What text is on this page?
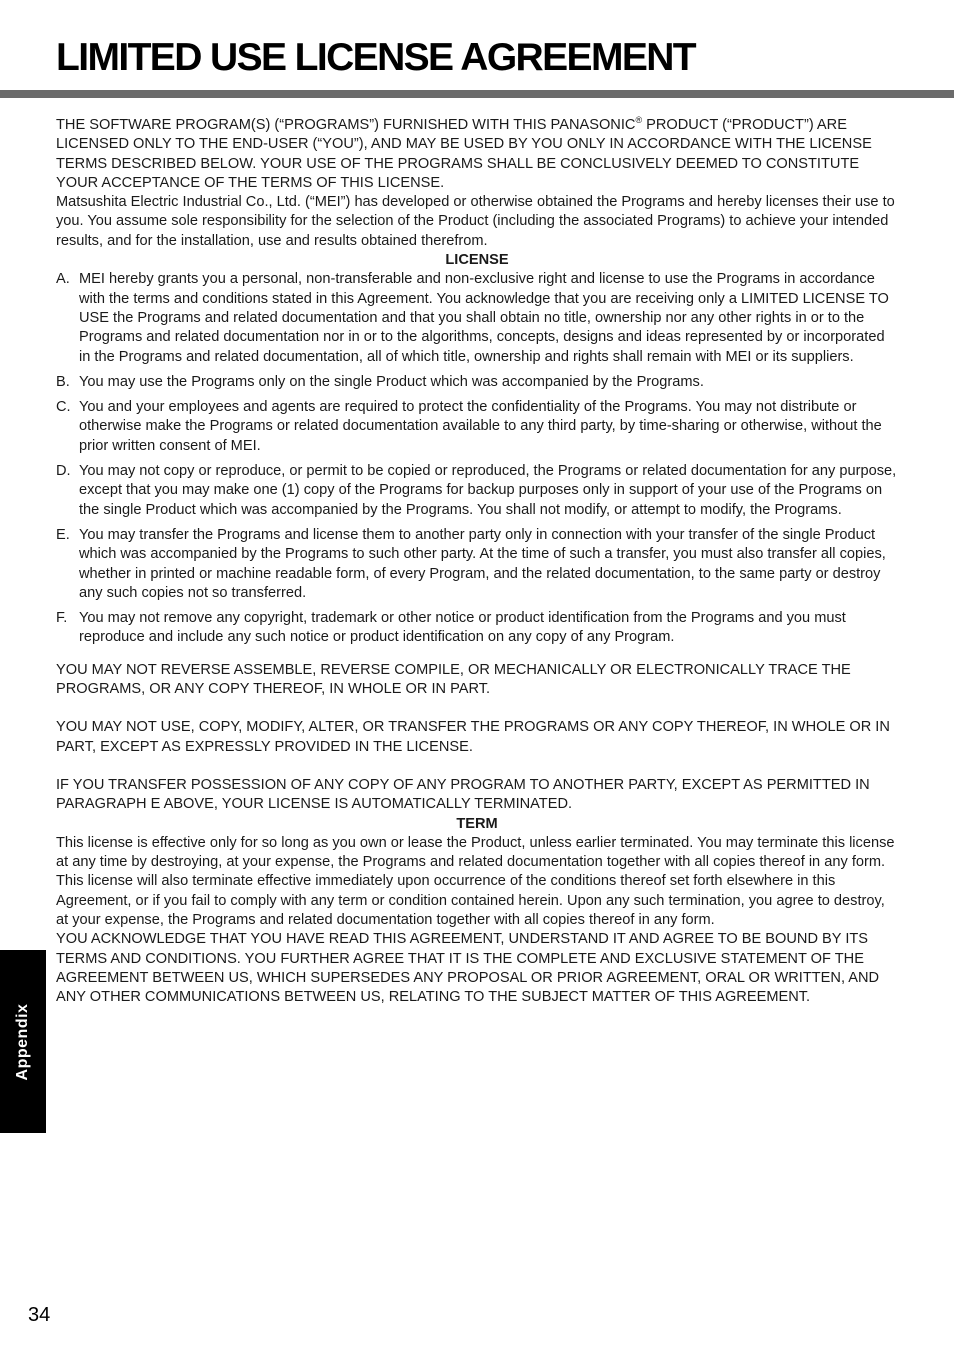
LIMITED USE LICENSE AGREEMENT

THE SOFTWARE PROGRAM(S) (“PROGRAMS”) FURNISHED WITH THIS PANASONIC® PRODUCT (“PRODUCT”) ARE LICENSED ONLY TO THE END-USER (“YOU”), AND MAY BE USED BY YOU ONLY IN ACCORDANCE WITH THE LICENSE TERMS DESCRIBED BELOW. YOUR USE OF THE PROGRAMS SHALL BE CONCLUSIVELY DEEMED TO CONSTITUTE YOUR ACCEPTANCE OF THE TERMS OF THIS LICENSE.

Matsushita Electric Industrial Co., Ltd. (“MEI”) has developed or otherwise obtained the Programs and hereby licenses their use to you. You assume sole responsibility for the selection of the Product (including the associated Programs) to achieve your intended results, and for the installation, use and results obtained therefrom.

LICENSE

A. MEI hereby grants you a personal, non-transferable and non-exclusive right and license to use the Programs in accordance with the terms and conditions stated in this Agreement. You acknowledge that you are receiving only a LIMITED LICENSE TO USE the Programs and related documentation and that you shall obtain no title, ownership nor any other rights in or to the Programs and related documentation nor in or to the algorithms, concepts, designs and ideas represented by or incorporated in the Programs and related documentation, all of which title, ownership and rights shall remain with MEI or its suppliers.
B. You may use the Programs only on the single Product which was accompanied by the Programs.
C. You and your employees and agents are required to protect the confidentiality of the Programs. You may not distribute or otherwise make the Programs or related documentation available to any third party, by time-sharing or otherwise, without the prior written consent of MEI.
D. You may not copy or reproduce, or permit to be copied or reproduced, the Programs or related documentation for any purpose, except that you may make one (1) copy of the Programs for backup purposes only in support of your use of the Programs on the single Product which was accompanied by the Programs. You shall not modify, or attempt to modify, the Programs.
E. You may transfer the Programs and license them to another party only in connection with your transfer of the single Product which was accompanied by the Programs to such other party. At the time of such a transfer, you must also transfer all copies, whether in printed or machine readable form, of every Program, and the related documentation, to the same party or destroy any such copies not so transferred.
F. You may not remove any copyright, trademark or other notice or product identification from the Programs and you must reproduce and include any such notice or product identification on any copy of any Program.

YOU MAY NOT REVERSE ASSEMBLE, REVERSE COMPILE, OR MECHANICALLY OR ELECTRONICALLY TRACE THE PROGRAMS, OR ANY COPY THEREOF, IN WHOLE OR IN PART.

YOU MAY NOT USE, COPY, MODIFY, ALTER, OR TRANSFER THE PROGRAMS OR ANY COPY THEREOF, IN WHOLE OR IN PART, EXCEPT AS EXPRESSLY PROVIDED IN THE LICENSE.

IF YOU TRANSFER POSSESSION OF ANY COPY OF ANY PROGRAM TO ANOTHER PARTY, EXCEPT AS PERMITTED IN PARAGRAPH E ABOVE, YOUR LICENSE IS AUTOMATICALLY TERMINATED.

TERM

This license is effective only for so long as you own or lease the Product, unless earlier terminated. You may terminate this license at any time by destroying, at your expense, the Programs and related documentation together with all copies thereof in any form. This license will also terminate effective immediately upon occurrence of the conditions thereof set forth elsewhere in this Agreement, or if you fail to comply with any term or condition contained herein. Upon any such termination, you agree to destroy, at your expense, the Programs and related documentation together with all copies thereof in any form.

YOU ACKNOWLEDGE THAT YOU HAVE READ THIS AGREEMENT, UNDERSTAND IT AND AGREE TO BE BOUND BY ITS TERMS AND CONDITIONS. YOU FURTHER AGREE THAT IT IS THE COMPLETE AND EXCLUSIVE STATEMENT OF THE AGREEMENT BETWEEN US, WHICH SUPERSEDES ANY PROPOSAL OR PRIOR AGREEMENT, ORAL OR WRITTEN, AND ANY OTHER COMMUNICATIONS BETWEEN US, RELATING TO THE SUBJECT MATTER OF THIS AGREEMENT.

Appendix
34
